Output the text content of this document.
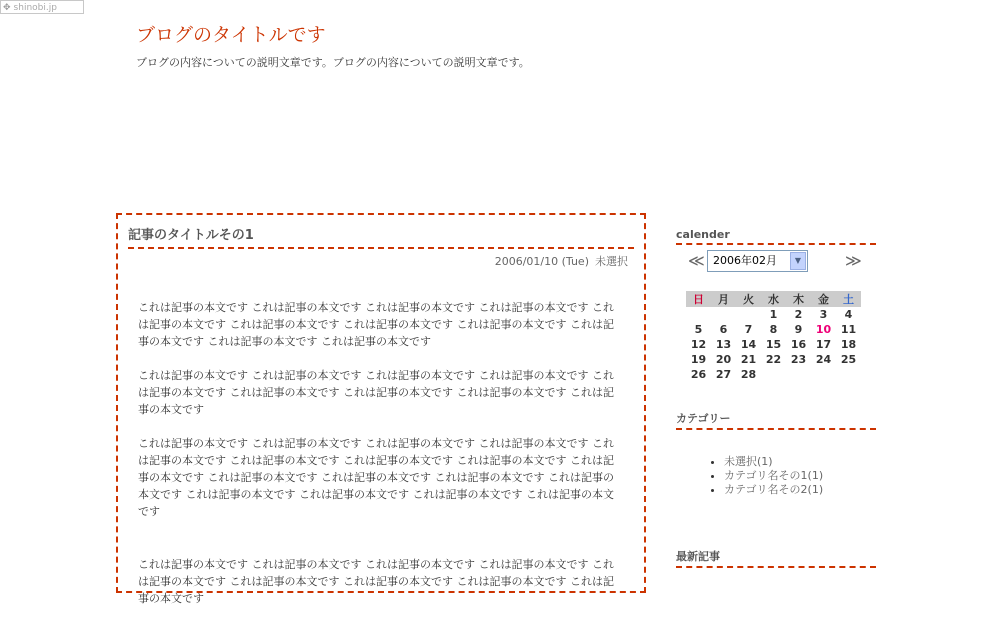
✥ shinobi.jp
ブログのタイトルです
ブログの内容についての説明文章です。ブログの内容についての説明文章です。
記事のタイトルその1
2006/01/10 (Tue) 未選択

これは記事の本文です これは記事の本文です これは記事の本文です これは記事の本文です これは記事の本文です これは記事の本文です これは記事の本文です これは記事の本文です これは記事の本文です これは記事の本文です これは記事の本文です

これは記事の本文です これは記事の本文です これは記事の本文です これは記事の本文です これは記事の本文です これは記事の本文です これは記事の本文です これは記事の本文です これは記事の本文です

これは記事の本文です これは記事の本文です これは記事の本文です これは記事の本文です これは記事の本文です これは記事の本文です これは記事の本文です これは記事の本文です これは記事の本文です これは記事の本文です これは記事の本文です これは記事の本文です これは記事の本文です これは記事の本文です これは記事の本文です これは記事の本文です これは記事の本文です

これは記事の本文です これは記事の本文です これは記事の本文です これは記事の本文です これは記事の本文です これは記事の本文です これは記事の本文です これは記事の本文です これは記事の本文です

calender
≪ 2006年02月	▼	≫
日	月	火	水	木	金	土
			1	2	3	4
5	6	7	8	9	10	11
12	13	14	15	16	17	18
19	20	21	22	23	24	25
26	27	28				
カテゴリー
• 未選択(1)
• カテゴリ名その1(1)
• カテゴリ名その2(1)
最新記事
